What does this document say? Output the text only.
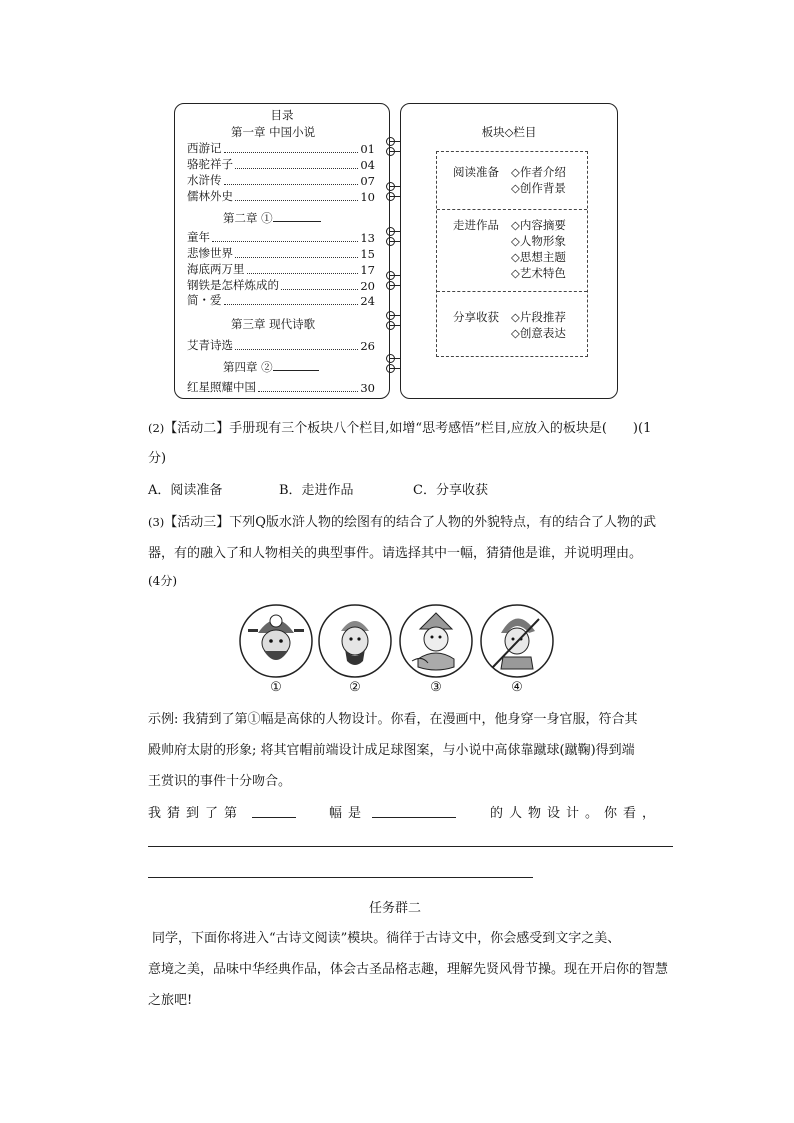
目录
第一章 中国小说
西游记	01
骆驼祥子	04
水浒传	07
儒林外史	10
第二章 ①
童年	13
悲惨世界	15
海底两万里	17
钢铁是怎样炼成的	20
简・爱	24
第三章 现代诗歌
艾青诗选	26
第四章 ②
红星照耀中国	30
板块◇栏目
阅读准备 ◇作者介绍
◇创作背景
走进作品 ◇内容摘要
◇人物形象
◇思想主题
◇艺术特色
分享收获 ◇片段推荐
◇创意表达
(2)【活动二】手册现有三个板块八个栏目,如增“思考感悟”栏目,应放入的板块是(　　)(1
分)
A．阅读准备	B．走进作品	C．分享收获
(3)【活动三】下列Q版水浒人物的绘图有的结合了人物的外貌特点，有的结合了人物的武
器，有的融入了和人物相关的典型事件。请选择其中一幅，猜猜他是谁，并说明理由。
(4分)
①	②	③	④
示例: 我猜到了第①幅是高俅的人物设计。你看，在漫画中，他身穿一身官服，符合其
殿帅府太尉的形象; 将其官帽前端设计成足球图案，与小说中高俅靠蹴球(蹴鞠)得到端
王赏识的事件十分吻合。
我猜到了第	幅是	的人物设计。你看，
任务群二
同学，下面你将进入“古诗文阅读”模块。徜徉于古诗文中，你会感受到文字之美、
意境之美，品味中华经典作品，体会古圣品格志趣，理解先贤风骨节操。现在开启你的智慧
之旅吧!
